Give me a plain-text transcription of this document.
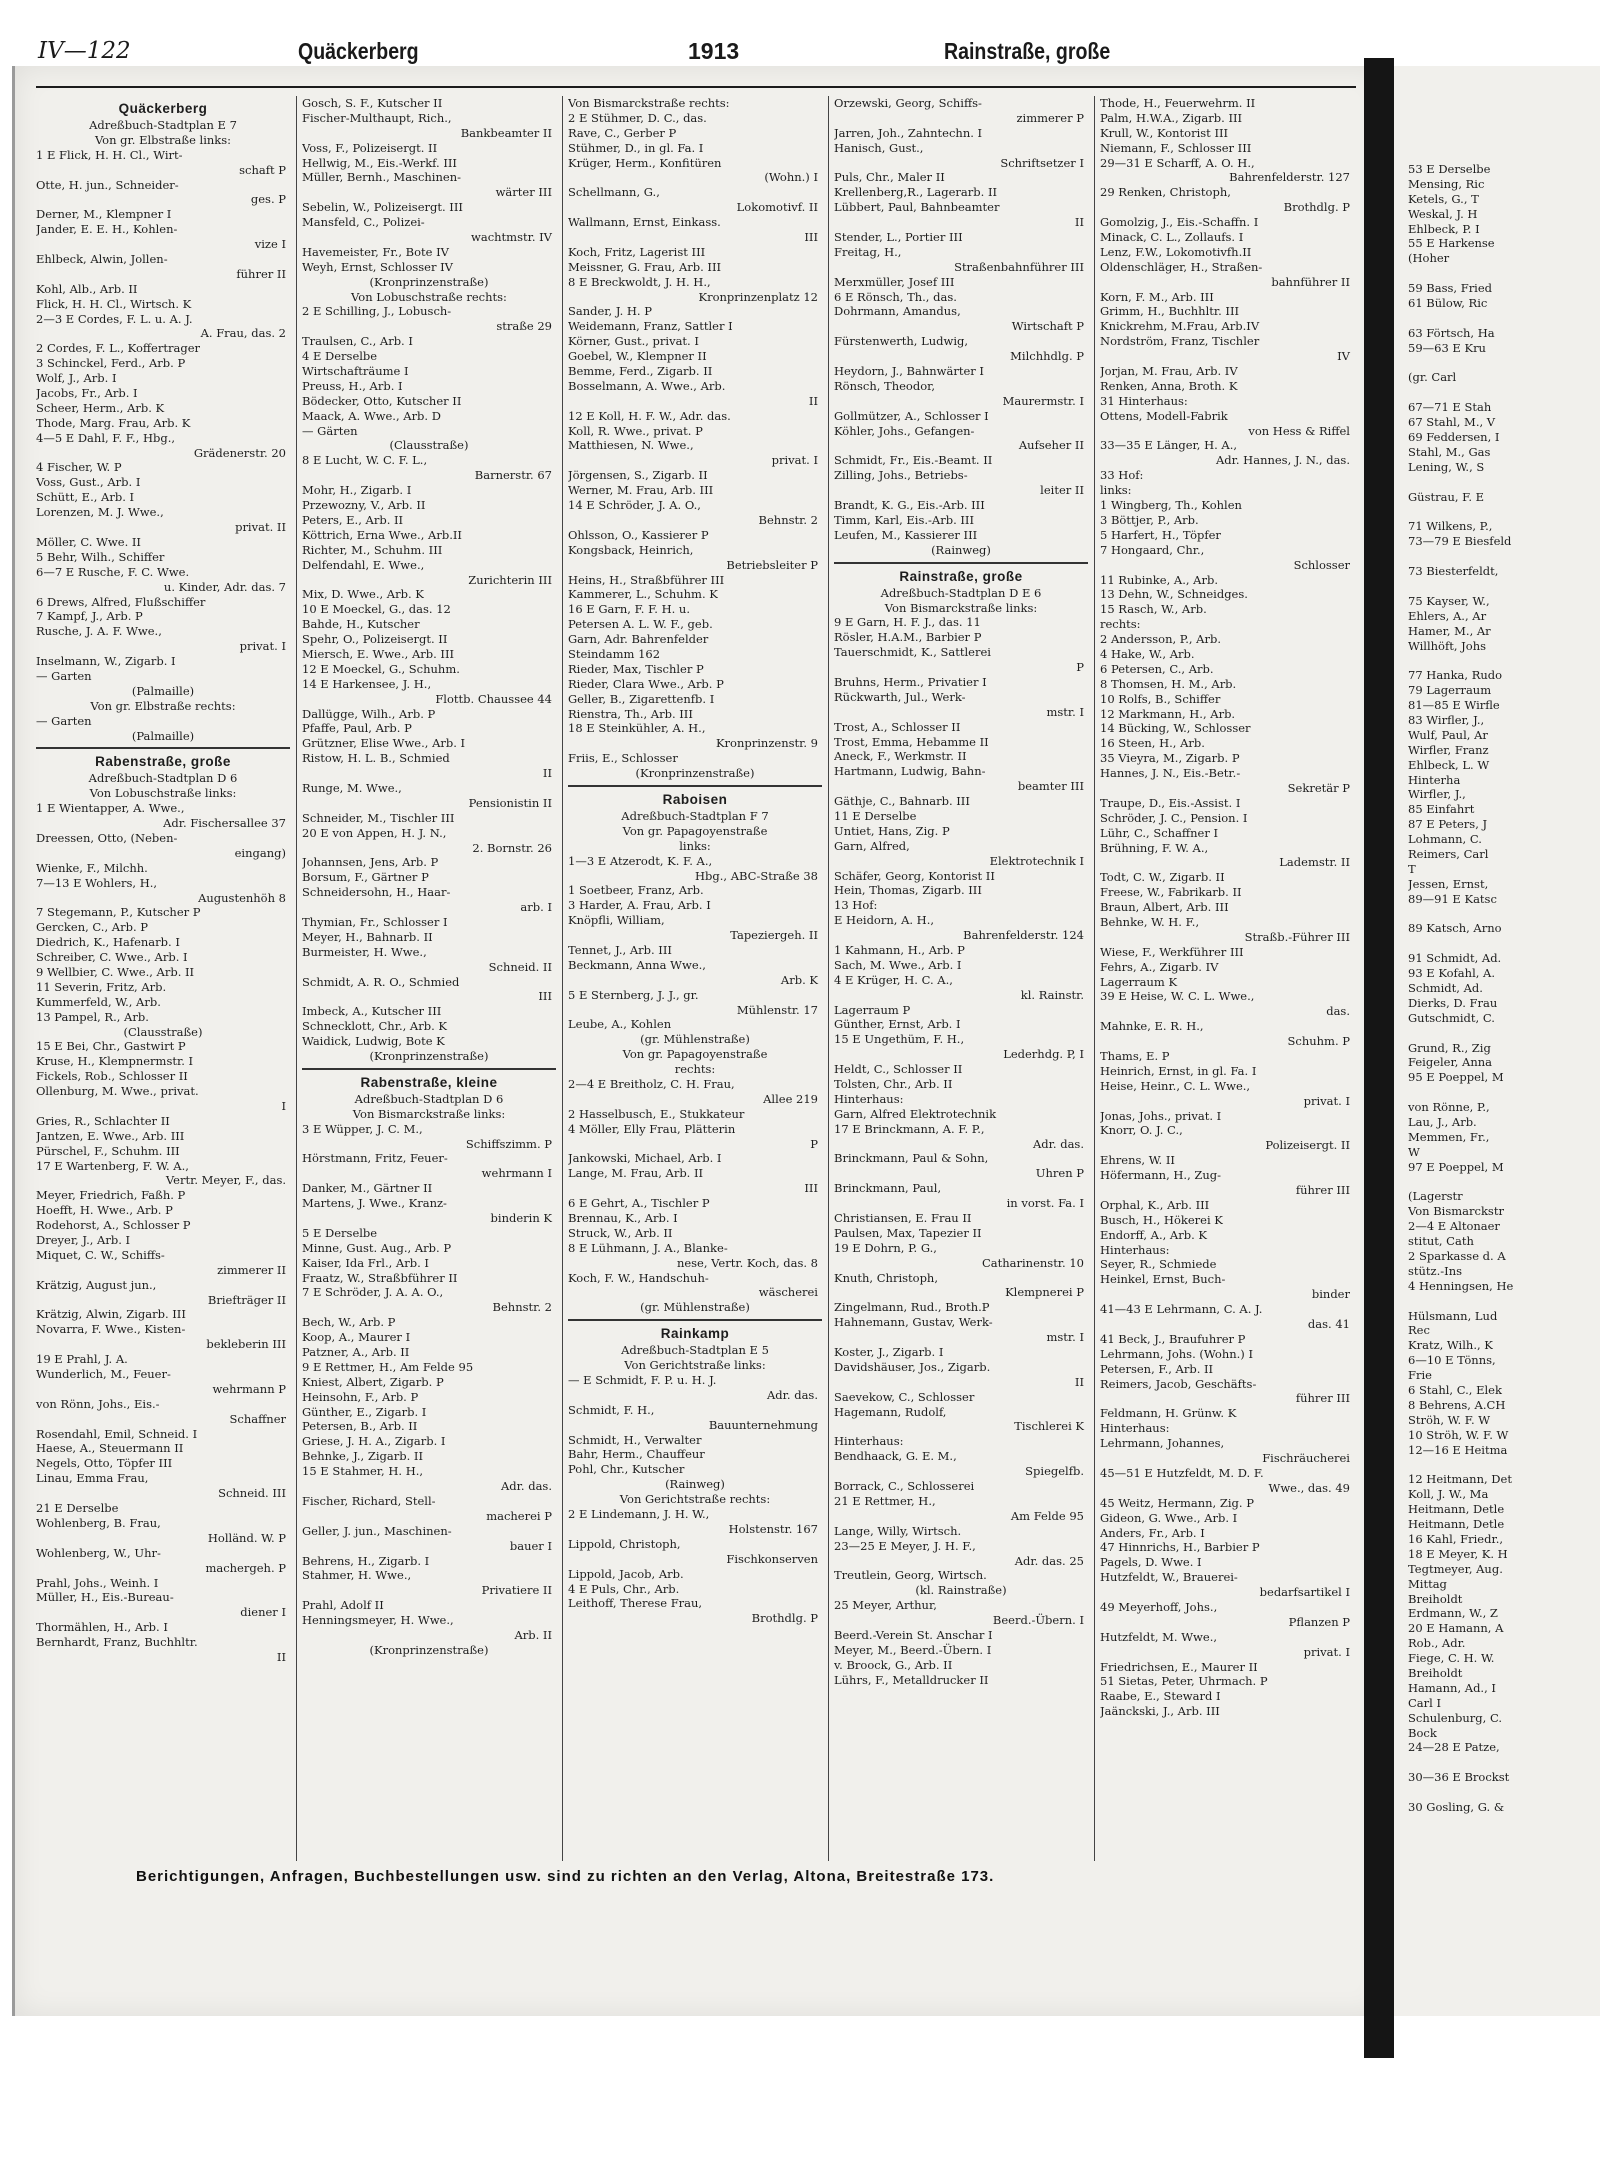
53 E Derselbe
Mensing, Ric
Ketels, G., T
Weskal, J. H
Ehlbeck, P. I
55 E Harkense
(Hoher
59 Bass, Fried
61 Bülow, Ric
63 Förtsch, Ha
59—63 E Kru
(gr. Carl
67—71 E Stah
67 Stahl, M., V
69 Feddersen, I
Stahl, M., Gas
Lening, W., S
Güstrau, F. E
71 Wilkens, P.,
73—79 E Biesfeld
73 Biesterfeldt,
75 Kayser, W.,
Ehlers, A., Ar
Hamer, M., Ar
Willhöft, Johs
77 Hanka, Rudo
79 Lagerraum
81—85 E Wirfle
83 Wirfler, J.,
Wulf, Paul, Ar
Wirfler, Franz
Ehlbeck, L. W
Hinterha
Wirfler, J.,
85 Einfahrt
87 E Peters, J
Lohmann, C.
Reimers, Carl
T
Jessen, Ernst,
89—91 E Katsc
89 Katsch, Arno
91 Schmidt, Ad.
93 E Kofahl, A.
Schmidt, Ad.
Dierks, D. Frau
Gutschmidt, C.
Grund, R., Zig
Feigeler, Anna
95 E Poeppel, M
von Rönne, P.,
Lau, J., Arb.
Memmen, Fr.,
W
97 E Poeppel, M
(Lagerstr
Von Bismarckstr
2—4 E Altonaer
stitut, Cath
2 Sparkasse d. A
stütz.-Ins
4 Henningsen, He
Hülsmann, Lud
Rec
Kratz, Wilh., K
6—10 E Tönns,
Frie
6 Stahl, C., Elek
8 Behrens, A.CH
Ströh, W. F. W
10 Ströh, W. F. W
12—16 E Heitma
12 Heitmann, Det
Koll, J. W., Ma
Heitmann, Detle
Heitmann, Detle
16 Kahl, Friedr.,
18 E Meyer, K. H
Tegtmeyer, Aug.
Mittag
Breiholdt
Erdmann, W., Z
20 E Hamann, A
Rob., Adr.
Fiege, C. H. W.
Breiholdt
Hamann, Ad., I
Carl I
Schulenburg, C.
Bock
24—28 E Patze,
30—36 E Brockst
30 Gosling, G. &
IV—122	Quäckerberg	1913	Rainstraße, große
Quäckerberg
Adreßbuch-Stadtplan E 7
Von gr. Elbstraße links:
1 E Flick, H. H. Cl., Wirt-
schaft P
Otte, H. jun., Schneider-
ges. P
Derner, M., Klempner I
Jander, E. E. H., Kohlen-
vize I
Ehlbeck, Alwin, Jollen-
führer II
Kohl, Alb., Arb. II
Flick, H. H. Cl., Wirtsch. K
2—3 E Cordes, F. L. u. A. J.
A. Frau, das. 2
2 Cordes, F. L., Koffertrager
3 Schinckel, Ferd., Arb. P
Wolf, J., Arb. I
Jacobs, Fr., Arb. I
Scheer, Herm., Arb. K
Thode, Marg. Frau, Arb. K
4—5 E Dahl, F. F., Hbg.,
Grädenerstr. 20
4 Fischer, W. P
Voss, Gust., Arb. I
Schütt, E., Arb. I
Lorenzen, M. J. Wwe.,
privat. II
Möller, C. Wwe. II
5 Behr, Wilh., Schiffer
6—7 E Rusche, F. C. Wwe.
u. Kinder, Adr. das. 7
6 Drews, Alfred, Flußschiffer
7 Kampf, J., Arb. P
Rusche, J. A. F. Wwe.,
privat. I
Inselmann, W., Zigarb. I
— Garten
(Palmaille)
Von gr. Elbstraße rechts:
— Garten
(Palmaille)
Rabenstraße, große
Adreßbuch-Stadtplan D 6
Von Lobuschstraße links:
1 E Wientapper, A. Wwe.,
Adr. Fischersallee 37
Dreessen, Otto, (Neben-
eingang)
Wienke, F., Milchh.
7—13 E Wohlers, H.,
Augustenhöh 8
7 Stegemann, P., Kutscher P
Gercken, C., Arb. P
Diedrich, K., Hafenarb. I
Schreiber, C. Wwe., Arb. I
9 Wellbier, C. Wwe., Arb. II
11 Severin, Fritz, Arb.
Kummerfeld, W., Arb.
13 Pampel, R., Arb.
(Clausstraße)
15 E Bei, Chr., Gastwirt P
Kruse, H., Klempnermstr. I
Fickels, Rob., Schlosser II
Ollenburg, M. Wwe., privat.
I
Gries, R., Schlachter II
Jantzen, E. Wwe., Arb. III
Pürschel, F., Schuhm. III
17 E Wartenberg, F. W. A.,
Vertr. Meyer, F., das.
Meyer, Friedrich, Faßh. P
Hoefft, H. Wwe., Arb. P
Rodehorst, A., Schlosser P
Dreyer, J., Arb. I
Miquet, C. W., Schiffs-
zimmerer II
Krätzig, August jun.,
Briefträger II
Krätzig, Alwin, Zigarb. III
Novarra, F. Wwe., Kisten-
bekleberin III
19 E Prahl, J. A.
Wunderlich, M., Feuer-
wehrmann P
von Rönn, Johs., Eis.-
Schaffner
Rosendahl, Emil, Schneid. I
Haese, A., Steuermann II
Negels, Otto, Töpfer III
Linau, Emma Frau,
Schneid. III
21 E Derselbe
Wohlenberg, B. Frau,
Holländ. W. P
Wohlenberg, W., Uhr-
machergeh. P
Prahl, Johs., Weinh. I
Müller, H., Eis.-Bureau-
diener I
Thormählen, H., Arb. I
Bernhardt, Franz, Buchhltr.
II
Gosch, S. F., Kutscher II
Fischer-Multhaupt, Rich.,
Bankbeamter II
Voss, F., Polizeisergt. II
Hellwig, M., Eis.-Werkf. III
Müller, Bernh., Maschinen-
wärter III
Sebelin, W., Polizeisergt. III
Mansfeld, C., Polizei-
wachtmstr. IV
Havemeister, Fr., Bote IV
Weyh, Ernst, Schlosser IV
(Kronprinzenstraße)
Von Lobuschstraße rechts:
2 E Schilling, J., Lobusch-
straße 29
Traulsen, C., Arb. I
4 E Derselbe
Wirtschafträume I
Preuss, H., Arb. I
Bödecker, Otto, Kutscher II
Maack, A. Wwe., Arb. D
— Gärten
(Clausstraße)
8 E Lucht, W. C. F. L.,
Barnerstr. 67
Mohr, H., Zigarb. I
Przewozny, V., Arb. II
Peters, E., Arb. II
Köttrich, Erna Wwe., Arb.II
Richter, M., Schuhm. III
Delfendahl, E. Wwe.,
Zurichterin III
Mix, D. Wwe., Arb. K
10 E Moeckel, G., das. 12
Bahde, H., Kutscher
Spehr, O., Polizeisergt. II
Miersch, E. Wwe., Arb. III
12 E Moeckel, G., Schuhm.
14 E Harkensee, J. H.,
Flottb. Chaussee 44
Dallügge, Wilh., Arb. P
Pfaffe, Paul, Arb. P
Grützner, Elise Wwe., Arb. I
Ristow, H. L. B., Schmied
II
Runge, M. Wwe.,
Pensionistin II
Schneider, M., Tischler III
20 E von Appen, H. J. N.,
2. Bornstr. 26
Johannsen, Jens, Arb. P
Borsum, F., Gärtner P
Schneidersohn, H., Haar-
arb. I
Thymian, Fr., Schlosser I
Meyer, H., Bahnarb. II
Burmeister, H. Wwe.,
Schneid. II
Schmidt, A. R. O., Schmied
III
Imbeck, A., Kutscher III
Schnecklott, Chr., Arb. K
Waidick, Ludwig, Bote K
(Kronprinzenstraße)
Rabenstraße, kleine
Adreßbuch-Stadtplan D 6
Von Bismarckstraße links:
3 E Wüpper, J. C. M.,
Schiffszimm. P
Hörstmann, Fritz, Feuer-
wehrmann I
Danker, M., Gärtner II
Martens, J. Wwe., Kranz-
binderin K
5 E Derselbe
Minne, Gust. Aug., Arb. P
Kaiser, Ida Frl., Arb. I
Fraatz, W., Straßbführer II
7 E Schröder, J. A. A. O.,
Behnstr. 2
Bech, W., Arb. P
Koop, A., Maurer I
Patzner, A., Arb. II
9 E Rettmer, H., Am Felde 95
Kniest, Albert, Zigarb. P
Heinsohn, F., Arb. P
Günther, E., Zigarb. I
Petersen, B., Arb. II
Griese, J. H. A., Zigarb. I
Behnke, J., Zigarb. II
15 E Stahmer, H. H.,
Adr. das.
Fischer, Richard, Stell-
macherei P
Geller, J. jun., Maschinen-
bauer I
Behrens, H., Zigarb. I
Stahmer, H. Wwe.,
Privatiere II
Prahl, Adolf II
Henningsmeyer, H. Wwe.,
Arb. II
(Kronprinzenstraße)
Von Bismarckstraße rechts:
2 E Stühmer, D. C., das.
Rave, C., Gerber P
Stühmer, D., in gl. Fa. I
Krüger, Herm., Konfitüren
(Wohn.) I
Schellmann, G.,
Lokomotivf. II
Wallmann, Ernst, Einkass.
III
Koch, Fritz, Lagerist III
Meissner, G. Frau, Arb. III
8 E Breckwoldt, J. H. H.,
Kronprinzenplatz 12
Sander, J. H. P
Weidemann, Franz, Sattler I
Körner, Gust., privat. I
Goebel, W., Klempner II
Bemme, Ferd., Zigarb. II
Bosselmann, A. Wwe., Arb.
II
12 E Koll, H. F. W., Adr. das.
Koll, R. Wwe., privat. P
Matthiesen, N. Wwe.,
privat. I
Jörgensen, S., Zigarb. II
Werner, M. Frau, Arb. III
14 E Schröder, J. A. O.,
Behnstr. 2
Ohlsson, O., Kassierer P
Kongsback, Heinrich,
Betriebsleiter P
Heins, H., Straßbführer III
Kammerer, L., Schuhm. K
16 E Garn, F. F. H. u.
Petersen A. L. W. F., geb.
Garn, Adr. Bahrenfelder
Steindamm 162
Rieder, Max, Tischler P
Rieder, Clara Wwe., Arb. P
Geller, B., Zigarettenfb. I
Rienstra, Th., Arb. III
18 E Steinkühler, A. H.,
Kronprinzenstr. 9
Friis, E., Schlosser
(Kronprinzenstraße)
Raboisen
Adreßbuch-Stadtplan F 7
Von gr. Papagoyenstraße
links:
1—3 E Atzerodt, K. F. A.,
Hbg., ABC-Straße 38
1 Soetbeer, Franz, Arb.
3 Harder, A. Frau, Arb. I
Knöpfli, William,
Tapeziergeh. II
Tennet, J., Arb. III
Beckmann, Anna Wwe.,
Arb. K
5 E Sternberg, J. J., gr.
Mühlenstr. 17
Leube, A., Kohlen
(gr. Mühlenstraße)
Von gr. Papagoyenstraße
rechts:
2—4 E Breitholz, C. H. Frau,
Allee 219
2 Hasselbusch, E., Stukkateur
4 Möller, Elly Frau, Plätterin
P
Jankowski, Michael, Arb. I
Lange, M. Frau, Arb. II
III
6 E Gehrt, A., Tischler P
Brennau, K., Arb. I
Struck, W., Arb. II
8 E Lühmann, J. A., Blanke-
nese, Vertr. Koch, das. 8
Koch, F. W., Handschuh-
wäscherei
(gr. Mühlenstraße)
Rainkamp
Adreßbuch-Stadtplan E 5
Von Gerichtstraße links:
— E Schmidt, F. P. u. H. J.
Adr. das.
Schmidt, F. H.,
Bauunternehmung
Schmidt, H., Verwalter
Bahr, Herm., Chauffeur
Pohl, Chr., Kutscher
(Rainweg)
Von Gerichtstraße rechts:
2 E Lindemann, J. H. W.,
Holstenstr. 167
Lippold, Christoph,
Fischkonserven
Lippold, Jacob, Arb.
4 E Puls, Chr., Arb.
Leithoff, Therese Frau,
Brothdlg. P
Orzewski, Georg, Schiffs-
zimmerer P
Jarren, Joh., Zahntechn. I
Hanisch, Gust.,
Schriftsetzer I
Puls, Chr., Maler II
Krellenberg,R., Lagerarb. II
Lübbert, Paul, Bahnbeamter
II
Stender, L., Portier III
Freitag, H.,
Straßenbahnführer III
Merxmüller, Josef III
6 E Rönsch, Th., das.
Dohrmann, Amandus,
Wirtschaft P
Fürstenwerth, Ludwig,
Milchhdlg. P
Heydorn, J., Bahnwärter I
Rönsch, Theodor,
Maurermstr. I
Gollmützer, A., Schlosser I
Köhler, Johs., Gefangen-
Aufseher II
Schmidt, Fr., Eis.-Beamt. II
Zilling, Johs., Betriebs-
leiter II
Brandt, K. G., Eis.-Arb. III
Timm, Karl, Eis.-Arb. III
Leufen, M., Kassierer III
(Rainweg)
Rainstraße, große
Adreßbuch-Stadtplan D E 6
Von Bismarckstraße links:
9 E Garn, H. F. J., das. 11
Rösler, H.A.M., Barbier P
Tauerschmidt, K., Sattlerei
P
Bruhns, Herm., Privatier I
Rückwarth, Jul., Werk-
mstr. I
Trost, A., Schlosser II
Trost, Emma, Hebamme II
Aneck, F., Werkmstr. II
Hartmann, Ludwig, Bahn-
beamter III
Gäthje, C., Bahnarb. III
11 E Derselbe
Untiet, Hans, Zig. P
Garn, Alfred,
Elektrotechnik I
Schäfer, Georg, Kontorist II
Hein, Thomas, Zigarb. III
13 Hof:
E Heidorn, A. H.,
Bahrenfelderstr. 124
1 Kahmann, H., Arb. P
Sach, M. Wwe., Arb. I
4 E Krüger, H. C. A.,
kl. Rainstr.
Lagerraum P
Günther, Ernst, Arb. I
15 E Ungethüm, F. H.,
Lederhdg. P, I
Heldt, C., Schlosser II
Tolsten, Chr., Arb. II
Hinterhaus:
Garn, Alfred Elektrotechnik
17 E Brinckmann, A. F. P.,
Adr. das.
Brinckmann, Paul & Sohn,
Uhren P
Brinckmann, Paul,
in vorst. Fa. I
Christiansen, E. Frau II
Paulsen, Max, Tapezier II
19 E Dohrn, P. G.,
Catharinenstr. 10
Knuth, Christoph,
Klempnerei P
Zingelmann, Rud., Broth.P
Hahnemann, Gustav, Werk-
mstr. I
Koster, J., Zigarb. I
Davidshäuser, Jos., Zigarb.
II
Saevekow, C., Schlosser
Hagemann, Rudolf,
Tischlerei K
Hinterhaus:
Bendhaack, G. E. M.,
Spiegelfb.
Borrack, C., Schlosserei
21 E Rettmer, H.,
Am Felde 95
Lange, Willy, Wirtsch.
23—25 E Meyer, J. H. F.,
Adr. das. 25
Treutlein, Georg, Wirtsch.
(kl. Rainstraße)
25 Meyer, Arthur,
Beerd.-Übern. I
Beerd.-Verein St. Anschar I
Meyer, M., Beerd.-Übern. I
v. Broock, G., Arb. II
Lührs, F., Metalldrucker II
Thode, H., Feuerwehrm. II
Palm, H.W.A., Zigarb. III
Krull, W., Kontorist III
Niemann, F., Schlosser III
29—31 E Scharff, A. O. H.,
Bahrenfelderstr. 127
29 Renken, Christoph,
Brothdlg. P
Gomolzig, J., Eis.-Schaffn. I
Minack, C. L., Zollaufs. I
Lenz, F.W., Lokomotivfh.II
Oldenschläger, H., Straßen-
bahnführer II
Korn, F. M., Arb. III
Grimm, H., Buchhltr. III
Knickrehm, M.Frau, Arb.IV
Nordström, Franz, Tischler
IV
Jorjan, M. Frau, Arb. IV
Renken, Anna, Broth. K
31 Hinterhaus:
Ottens, Modell-Fabrik
von Hess & Riffel
33—35 E Länger, H. A.,
Adr. Hannes, J. N., das.
33 Hof:
links:
1 Wingberg, Th., Kohlen
3 Böttjer, P., Arb.
5 Harfert, H., Töpfer
7 Hongaard, Chr.,
Schlosser
11 Rubinke, A., Arb.
13 Dehn, W., Schneidges.
15 Rasch, W., Arb.
rechts:
2 Andersson, P., Arb.
4 Hake, W., Arb.
6 Petersen, C., Arb.
8 Thomsen, H. M., Arb.
10 Rolfs, B., Schiffer
12 Markmann, H., Arb.
14 Bücking, W., Schlosser
16 Steen, H., Arb.
35 Vieyra, M., Zigarb. P
Hannes, J. N., Eis.-Betr.-
Sekretär P
Traupe, D., Eis.-Assist. I
Schröder, J. C., Pension. I
Lühr, C., Schaffner I
Brühning, F. W. A.,
Lademstr. II
Todt, C. W., Zigarb. II
Freese, W., Fabrikarb. II
Braun, Albert, Arb. III
Behnke, W. H. F.,
Straßb.-Führer III
Wiese, F., Werkführer III
Fehrs, A., Zigarb. IV
Lagerraum K
39 E Heise, W. C. L. Wwe.,
das.
Mahnke, E. R. H.,
Schuhm. P
Thams, E. P
Heinrich, Ernst, in gl. Fa. I
Heise, Heinr., C. L. Wwe.,
privat. I
Jonas, Johs., privat. I
Knorr, O. J. C.,
Polizeisergt. II
Ehrens, W. II
Höfermann, H., Zug-
führer III
Orphal, K., Arb. III
Busch, H., Hökerei K
Endorff, A., Arb. K
Hinterhaus:
Seyer, R., Schmiede
Heinkel, Ernst, Buch-
binder
41—43 E Lehrmann, C. A. J.
das. 41
41 Beck, J., Braufuhrer P
Lehrmann, Johs. (Wohn.) I
Petersen, F., Arb. II
Reimers, Jacob, Geschäfts-
führer III
Feldmann, H. Grünw. K
Hinterhaus:
Lehrmann, Johannes,
Fischräucherei
45—51 E Hutzfeldt, M. D. F.
Wwe., das. 49
45 Weitz, Hermann, Zig. P
Gideon, G. Wwe., Arb. I
Anders, Fr., Arb. I
47 Hinnrichs, H., Barbier P
Pagels, D. Wwe. I
Hutzfeldt, W., Brauerei-
bedarfsartikel I
49 Meyerhoff, Johs.,
Pflanzen P
Hutzfeldt, M. Wwe.,
privat. I
Friedrichsen, E., Maurer II
51 Sietas, Peter, Uhrmach. P
Raabe, E., Steward I
Jaänckski, J., Arb. III
Berichtigungen, Anfragen, Buchbestellungen usw. sind zu richten an den Verlag, Altona, Breitestraße 173.
